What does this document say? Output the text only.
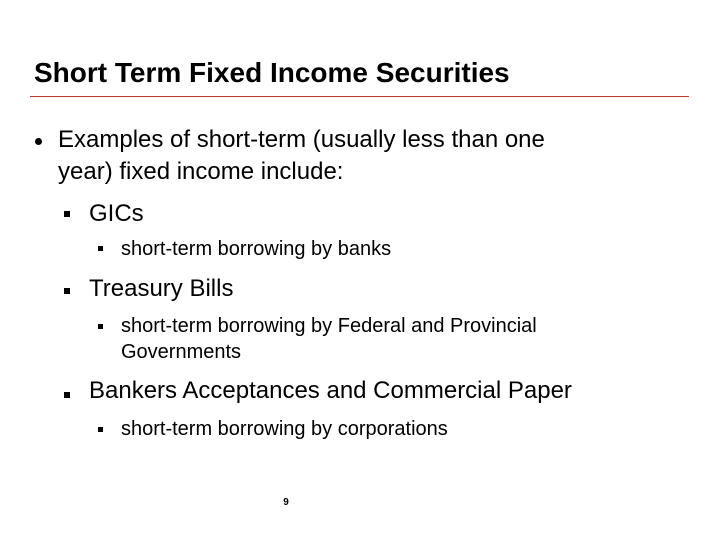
Short Term Fixed Income Securities
Examples of short-term (usually less than one
year) fixed income include:
GICs
short-term borrowing by banks
Treasury Bills
short-term borrowing by Federal and Provincial
Governments
Bankers Acceptances and Commercial Paper
short-term borrowing by corporations
9
